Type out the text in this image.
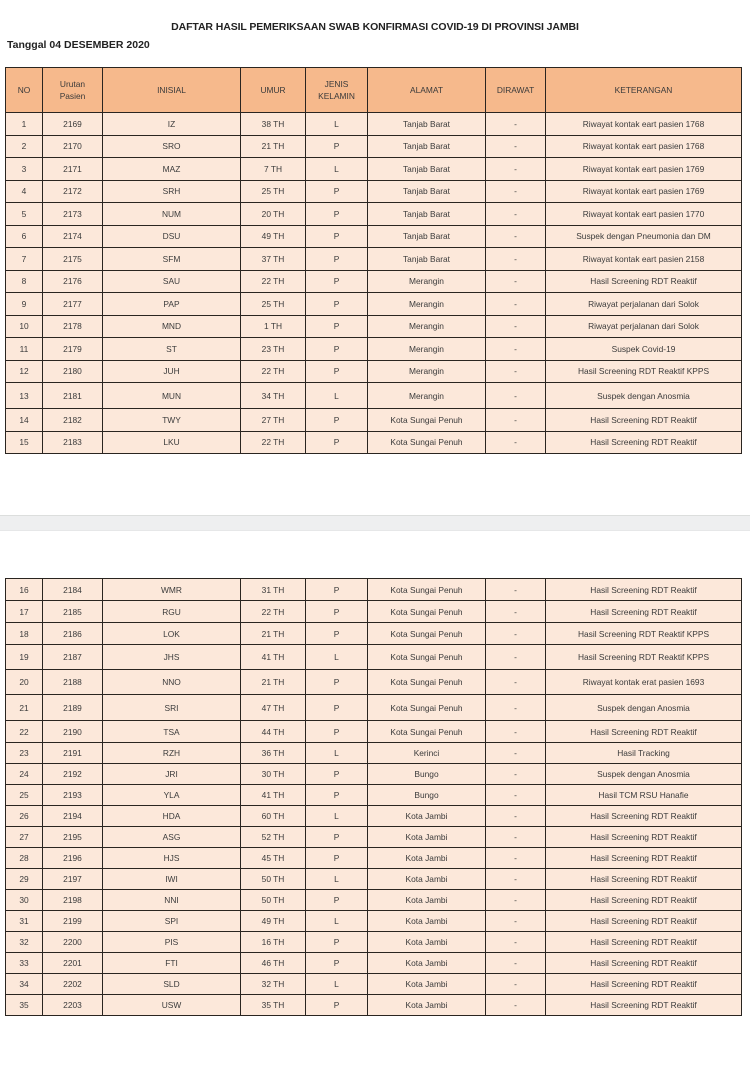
DAFTAR HASIL PEMERIKSAAN SWAB KONFIRMASI COVID-19 DI PROVINSI JAMBI
Tanggal 04 DESEMBER 2020
NO	Urutan Pasien	INISIAL	UMUR	JENIS KELAMIN	ALAMAT	DIRAWAT	KETERANGAN
1	2169	IZ	38 TH	L	Tanjab Barat	-	Riwayat kontak eart pasien 1768
2	2170	SRO	21 TH	P	Tanjab Barat	-	Riwayat kontak eart pasien 1768
3	2171	MAZ	7 TH	L	Tanjab Barat	-	Riwayat kontak eart pasien 1769
4	2172	SRH	25 TH	P	Tanjab Barat	-	Riwayat kontak eart pasien 1769
5	2173	NUM	20 TH	P	Tanjab Barat	-	Riwayat kontak eart pasien 1770
6	2174	DSU	49 TH	P	Tanjab Barat	-	Suspek dengan Pneumonia dan DM
7	2175	SFM	37 TH	P	Tanjab Barat	-	Riwayat kontak eart pasien 2158
8	2176	SAU	22 TH	P	Merangin	-	Hasil Screening RDT Reaktif
9	2177	PAP	25 TH	P	Merangin	-	Riwayat perjalanan dari Solok
10	2178	MND	1 TH	P	Merangin	-	Riwayat perjalanan dari Solok
11	2179	ST	23 TH	P	Merangin	-	Suspek Covid-19
12	2180	JUH	22 TH	P	Merangin	-	Hasil Screening RDT Reaktif KPPS
13	2181	MUN	34 TH	L	Merangin	-	Suspek dengan Anosmia
14	2182	TWY	27 TH	P	Kota Sungai Penuh	-	Hasil Screening RDT Reaktif
15	2183	LKU	22 TH	P	Kota Sungai Penuh	-	Hasil Screening RDT Reaktif
16	2184	WMR	31 TH	P	Kota Sungai Penuh	-	Hasil Screening RDT Reaktif
17	2185	RGU	22 TH	P	Kota Sungai Penuh	-	Hasil Screening RDT Reaktif
18	2186	LOK	21 TH	P	Kota Sungai Penuh	-	Hasil Screening RDT Reaktif KPPS
19	2187	JHS	41 TH	L	Kota Sungai Penuh	-	Hasil Screening RDT Reaktif KPPS
20	2188	NNO	21 TH	P	Kota Sungai Penuh	-	Riwayat kontak erat pasien 1693
21	2189	SRI	47 TH	P	Kota Sungai Penuh	-	Suspek dengan Anosmia
22	2190	TSA	44 TH	P	Kota Sungai Penuh	-	Hasil Screening RDT Reaktif
23	2191	RZH	36 TH	L	Kerinci	-	Hasil Tracking
24	2192	JRI	30 TH	P	Bungo	-	Suspek dengan Anosmia
25	2193	YLA	41 TH	P	Bungo	-	Hasil TCM RSU Hanafie
26	2194	HDA	60 TH	L	Kota Jambi	-	Hasil Screening RDT Reaktif
27	2195	ASG	52 TH	P	Kota Jambi	-	Hasil Screening RDT Reaktif
28	2196	HJS	45 TH	P	Kota Jambi	-	Hasil Screening RDT Reaktif
29	2197	IWI	50 TH	L	Kota Jambi	-	Hasil Screening RDT Reaktif
30	2198	NNI	50 TH	P	Kota Jambi	-	Hasil Screening RDT Reaktif
31	2199	SPI	49 TH	L	Kota Jambi	-	Hasil Screening RDT Reaktif
32	2200	PIS	16 TH	P	Kota Jambi	-	Hasil Screening RDT Reaktif
33	2201	FTI	46 TH	P	Kota Jambi	-	Hasil Screening RDT Reaktif
34	2202	SLD	32 TH	L	Kota Jambi	-	Hasil Screening RDT Reaktif
35	2203	USW	35 TH	P	Kota Jambi	-	Hasil Screening RDT Reaktif
